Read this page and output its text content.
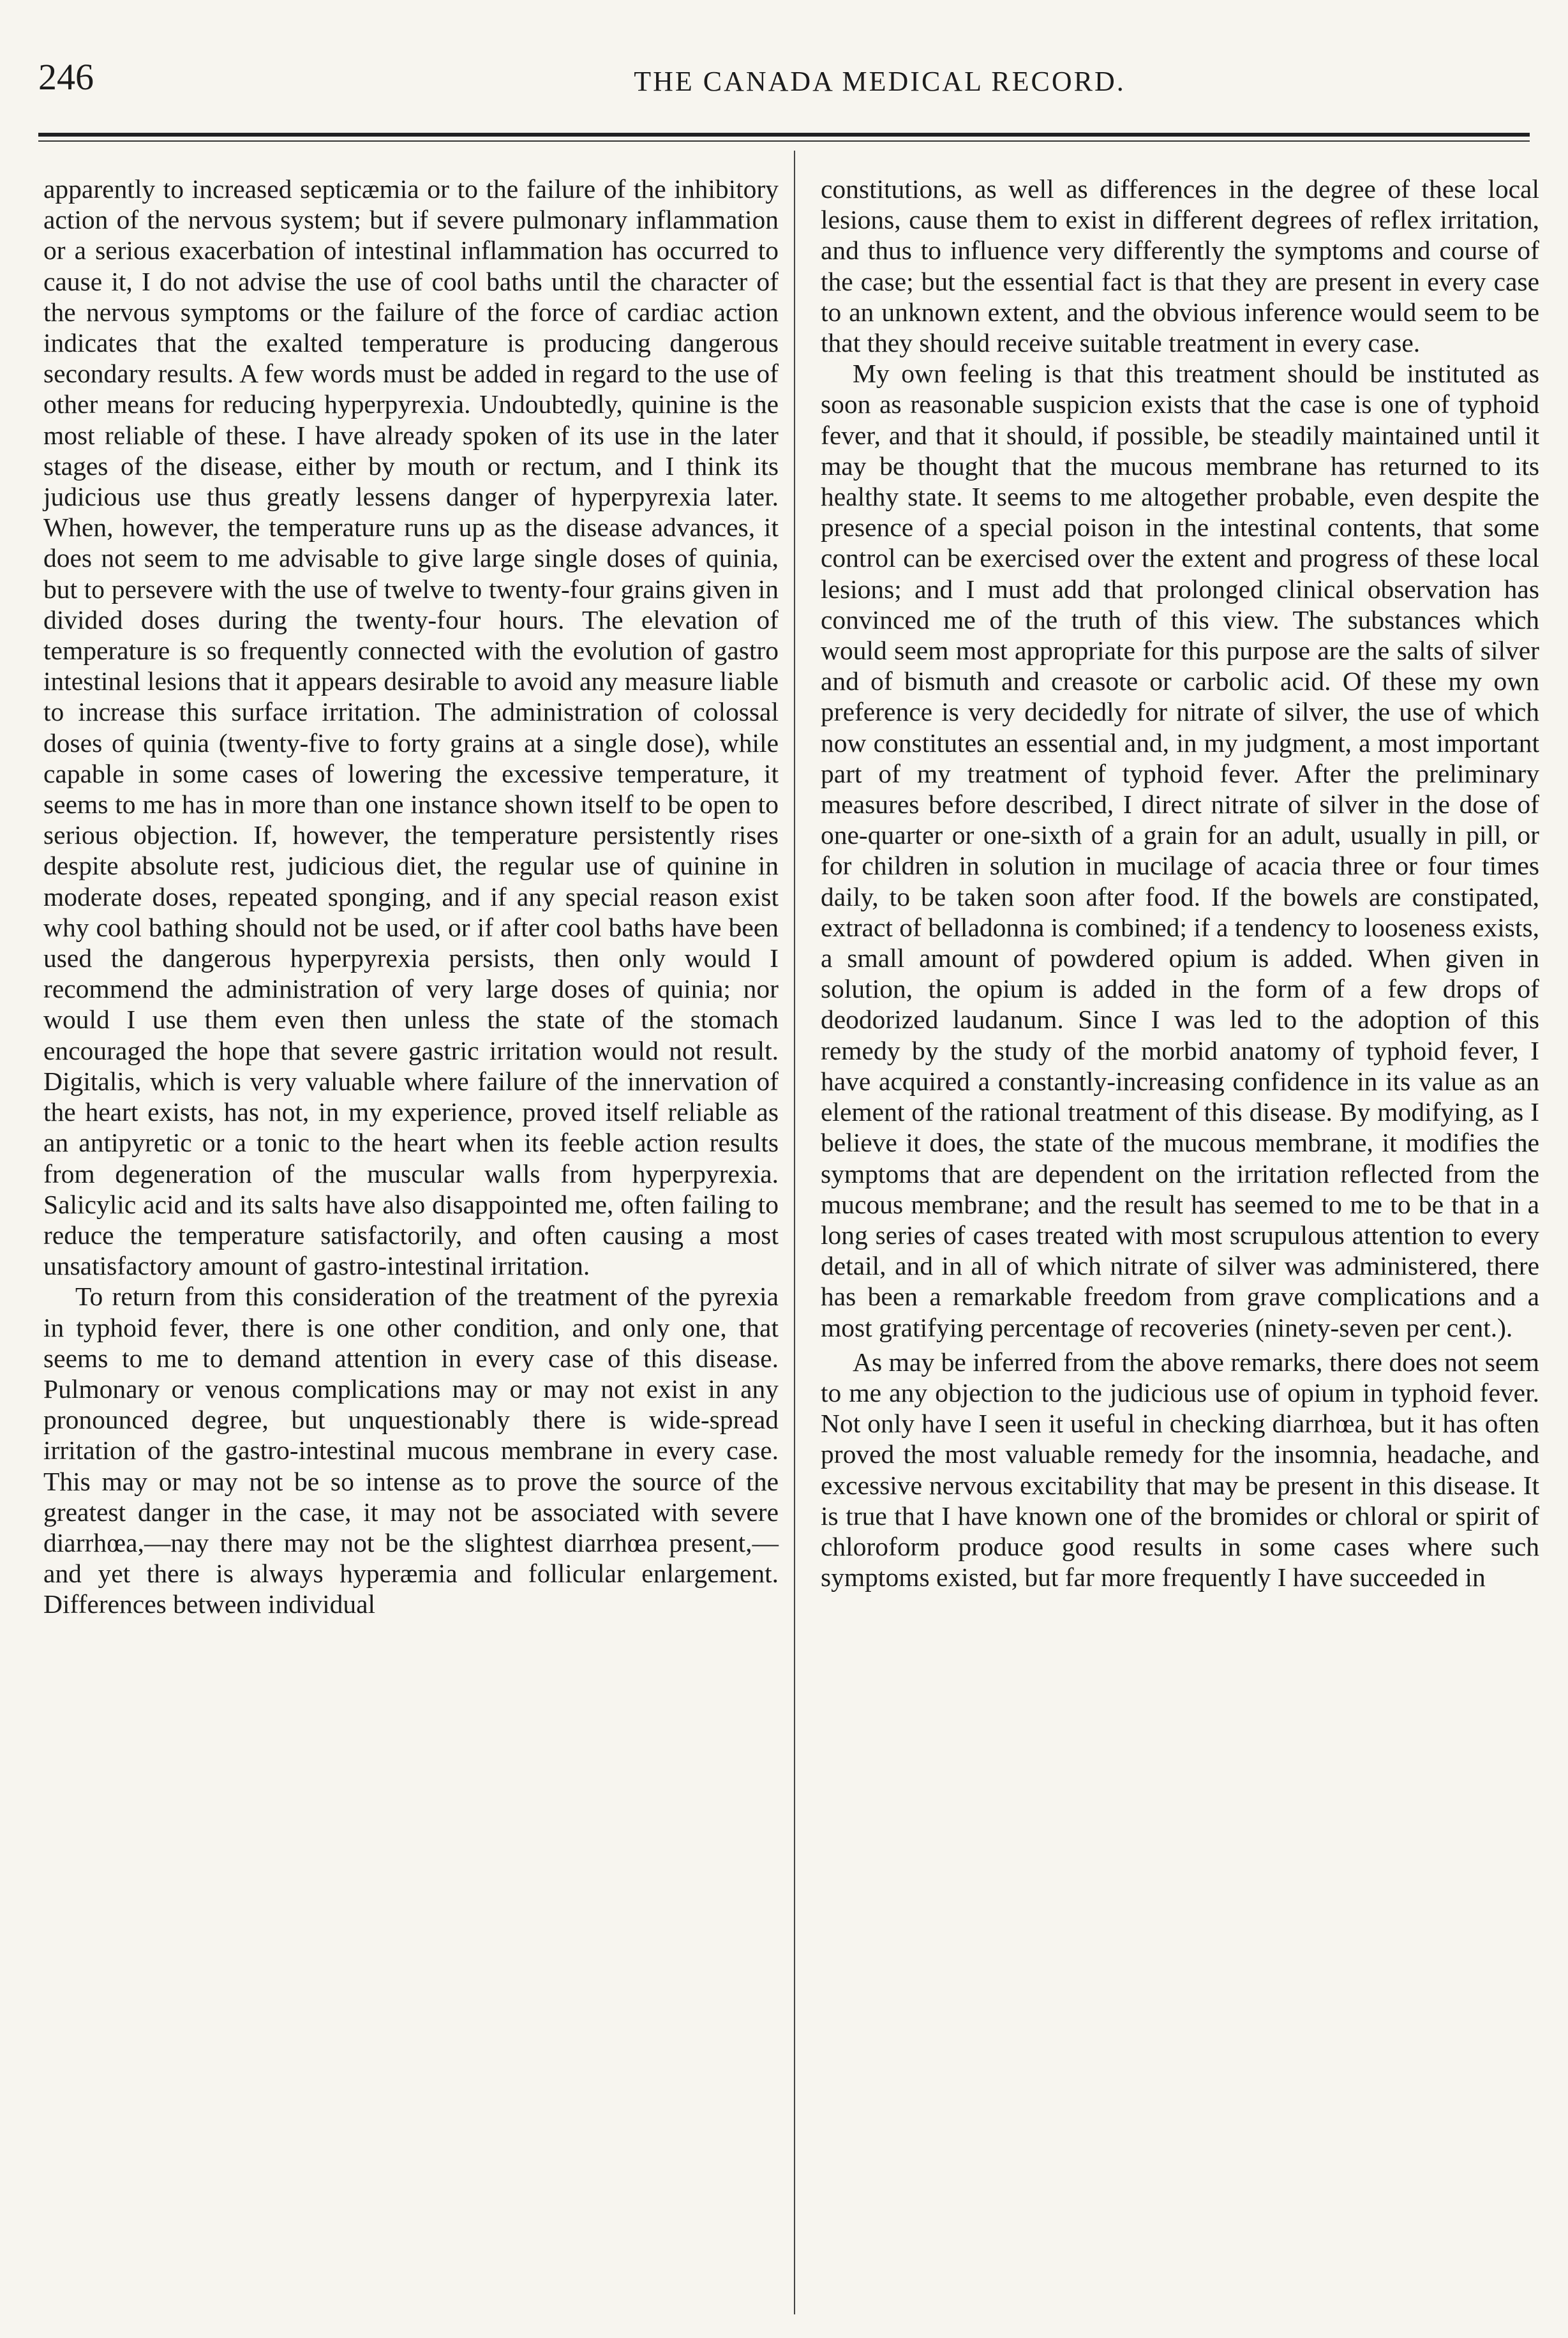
246	THE CANADA MEDICAL RECORD.

apparently to increased septicæmia or to the failure of the inhibitory action of the nervous system; but if severe pulmonary inflammation or a serious exacerbation of intestinal inflammation has occurred to cause it, I do not advise the use of cool baths until the character of the nervous symptoms or the failure of the force of cardiac action indicates that the exalted temperature is producing dangerous secondary results. A few words must be added in regard to the use of other means for reducing hyperpyrexia. Undoubtedly, quinine is the most reliable of these. I have already spoken of its use in the later stages of the disease, either by mouth or rectum, and I think its judicious use thus greatly lessens danger of hyperpyrexia later. When, however, the temperature runs up as the disease advances, it does not seem to me advisable to give large single doses of quinia, but to persevere with the use of twelve to twenty-four grains given in divided doses during the twenty-four hours. The elevation of temperature is so frequently connected with the evolution of gastro intestinal lesions that it appears desirable to avoid any measure liable to increase this surface irritation. The administration of colossal doses of quinia (twenty-five to forty grains at a single dose), while capable in some cases of lowering the excessive temperature, it seems to me has in more than one instance shown itself to be open to serious objection. If, however, the temperature persistently rises despite absolute rest, judicious diet, the regular use of quinine in moderate doses, repeated sponging, and if any special reason exist why cool bathing should not be used, or if after cool baths have been used the dangerous hyperpyrexia persists, then only would I recommend the administration of very large doses of quinia; nor would I use them even then unless the state of the stomach encouraged the hope that severe gastric irritation would not result. Digitalis, which is very valuable where failure of the innervation of the heart exists, has not, in my experience, proved itself reliable as an antipyretic or a tonic to the heart when its feeble action results from degeneration of the muscular walls from hyperpyrexia. Salicylic acid and its salts have also disappointed me, often failing to reduce the temperature satisfactorily, and often causing a most unsatisfactory amount of gastro-intestinal irritation.

To return from this consideration of the treatment of the pyrexia in typhoid fever, there is one other condition, and only one, that seems to me to demand attention in every case of this disease. Pulmonary or venous complications may or may not exist in any pronounced degree, but unquestionably there is wide-spread irritation of the gastro-intestinal mucous membrane in every case. This may or may not be so intense as to prove the source of the greatest danger in the case, it may not be associated with severe diarrhœa,—nay there may not be the slightest diarrhœa present,—and yet there is always hyperæmia and follicular enlargement. Differences between individual

constitutions, as well as differences in the degree of these local lesions, cause them to exist in different degrees of reflex irritation, and thus to influence very differently the symptoms and course of the case; but the essential fact is that they are present in every case to an unknown extent, and the obvious inference would seem to be that they should receive suitable treatment in every case.

My own feeling is that this treatment should be instituted as soon as reasonable suspicion exists that the case is one of typhoid fever, and that it should, if possible, be steadily maintained until it may be thought that the mucous membrane has returned to its healthy state. It seems to me altogether probable, even despite the presence of a special poison in the intestinal contents, that some control can be exercised over the extent and progress of these local lesions; and I must add that prolonged clinical observation has convinced me of the truth of this view. The substances which would seem most appropriate for this purpose are the salts of silver and of bismuth and creasote or carbolic acid. Of these my own preference is very decidedly for nitrate of silver, the use of which now constitutes an essential and, in my judgment, a most important part of my treatment of typhoid fever. After the preliminary measures before described, I direct nitrate of silver in the dose of one-quarter or one-sixth of a grain for an adult, usually in pill, or for children in solution in mucilage of acacia three or four times daily, to be taken soon after food. If the bowels are constipated, extract of belladonna is combined; if a tendency to looseness exists, a small amount of powdered opium is added. When given in solution, the opium is added in the form of a few drops of deodorized laudanum. Since I was led to the adoption of this remedy by the study of the morbid anatomy of typhoid fever, I have acquired a constantly-increasing confidence in its value as an element of the rational treatment of this disease. By modifying, as I believe it does, the state of the mucous membrane, it modifies the symptoms that are dependent on the irritation reflected from the mucous membrane; and the result has seemed to me to be that in a long series of cases treated with most scrupulous attention to every detail, and in all of which nitrate of silver was administered, there has been a remarkable freedom from grave complications and a most gratifying percentage of recoveries (ninety-seven per cent.).

As may be inferred from the above remarks, there does not seem to me any objection to the judicious use of opium in typhoid fever. Not only have I seen it useful in checking diarrhœa, but it has often proved the most valuable remedy for the insomnia, headache, and excessive nervous excitability that may be present in this disease. It is true that I have known one of the bromides or chloral or spirit of chloroform produce good results in some cases where such symptoms existed, but far more frequently I have succeeded in
